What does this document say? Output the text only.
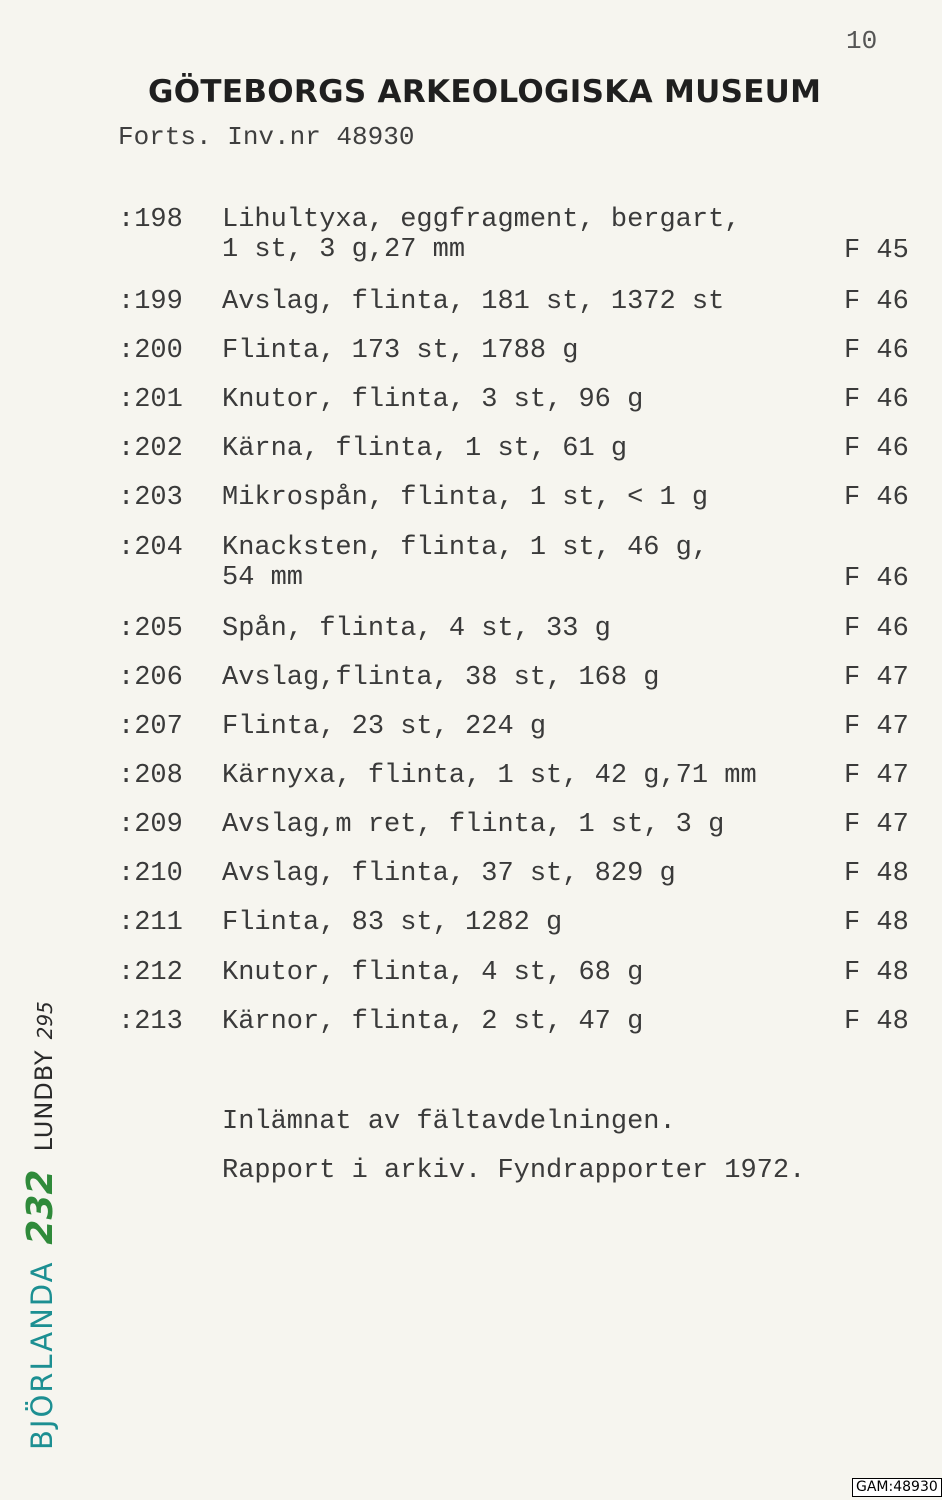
10
GÖTEBORGS ARKEOLOGISKA MUSEUM
Forts. Inv.nr 48930
:198 Lihultyxa, eggfragment, bergart,
1 st, 3 g,27 mm	F 45
:199 Avslag, flinta, 181 st, 1372 st	F 46
:200 Flinta, 173 st, 1788 g	F 46
:201 Knutor, flinta, 3 st, 96 g	F 46
:202 Kärna, flinta, 1 st, 61 g	F 46
:203 Mikrospån, flinta, 1 st, < 1 g	F 46
:204 Knacksten, flinta, 1 st, 46 g,
54 mm	F 46
:205 Spån, flinta, 4 st, 33 g	F 46
:206 Avslag,flinta, 38 st, 168 g	F 47
:207 Flinta, 23 st, 224 g	F 47
:208 Kärnyxa, flinta, 1 st, 42 g,71 mm	F 47
:209 Avslag,m ret, flinta, 1 st, 3 g	F 47
:210 Avslag, flinta, 37 st, 829 g	F 48
:211 Flinta, 83 st, 1282 g	F 48
:212 Knutor, flinta, 4 st, 68 g	F 48
:213 Kärnor, flinta, 2 st, 47 g	F 48
Inlämnat av fältavdelningen.
Rapport i arkiv. Fyndrapporter 1972.
BJÖRLANDA
232
LUNDBY
295
GAM:48930
